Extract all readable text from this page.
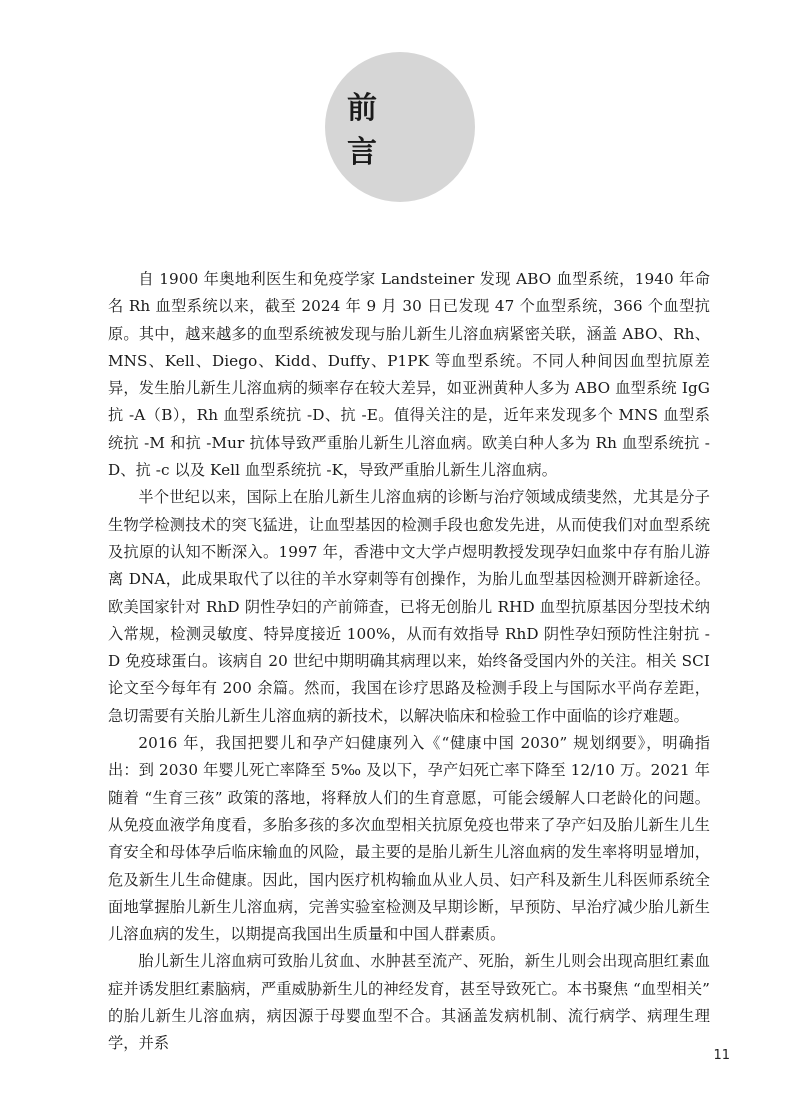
前 言

自 1900 年奥地利医生和免疫学家 Landsteiner 发现 ABO 血型系统，1940 年命名 Rh 血型系统以来，截至 2024 年 9 月 30 日已发现 47 个血型系统，366 个血型抗原。其中，越来越多的血型系统被发现与胎儿新生儿溶血病紧密关联，涵盖 ABO、Rh、MNS、Kell、Diego、Kidd、Duffy、P1PK 等血型系统。不同人种间因血型抗原差异，发生胎儿新生儿溶血病的频率存在较大差异，如亚洲黄种人多为 ABO 血型系统 IgG 抗 -A（B），Rh 血型系统抗 -D、抗 -E。值得关注的是，近年来发现多个 MNS 血型系统抗 -M 和抗 -Mur 抗体导致严重胎儿新生儿溶血病。欧美白种人多为 Rh 血型系统抗 -D、抗 -c 以及 Kell 血型系统抗 -K，导致严重胎儿新生儿溶血病。

半个世纪以来，国际上在胎儿新生儿溶血病的诊断与治疗领域成绩斐然，尤其是分子生物学检测技术的突飞猛进，让血型基因的检测手段也愈发先进，从而使我们对血型系统及抗原的认知不断深入。1997 年，香港中文大学卢煜明教授发现孕妇血浆中存有胎儿游离 DNA，此成果取代了以往的羊水穿刺等有创操作，为胎儿血型基因检测开辟新途径。欧美国家针对 RhD 阴性孕妇的产前筛查，已将无创胎儿 RHD 血型抗原基因分型技术纳入常规，检测灵敏度、特异度接近 100%，从而有效指导 RhD 阴性孕妇预防性注射抗 -D 免疫球蛋白。该病自 20 世纪中期明确其病理以来，始终备受国内外的关注。相关 SCI 论文至今每年有 200 余篇。然而，我国在诊疗思路及检测手段上与国际水平尚存差距，急切需要有关胎儿新生儿溶血病的新技术，以解决临床和检验工作中面临的诊疗难题。

2016 年，我国把婴儿和孕产妇健康列入《“健康中国 2030” 规划纲要》，明确指出：到 2030 年婴儿死亡率降至 5‰ 及以下，孕产妇死亡率下降至 12/10 万。2021 年随着 “生育三孩” 政策的落地，将释放人们的生育意愿，可能会缓解人口老龄化的问题。从免疫血液学角度看，多胎多孩的多次血型相关抗原免疫也带来了孕产妇及胎儿新生儿生育安全和母体孕后临床输血的风险，最主要的是胎儿新生儿溶血病的发生率将明显增加，危及新生儿生命健康。因此，国内医疗机构输血从业人员、妇产科及新生儿科医师系统全面地掌握胎儿新生儿溶血病，完善实验室检测及早期诊断，早预防、早治疗减少胎儿新生儿溶血病的发生，以期提高我国出生质量和中国人群素质。

胎儿新生儿溶血病可致胎儿贫血、水肿甚至流产、死胎，新生儿则会出现高胆红素血症并诱发胆红素脑病，严重威胁新生儿的神经发育，甚至导致死亡。本书聚焦 “血型相关” 的胎儿新生儿溶血病，病因源于母婴血型不合。其涵盖发病机制、流行病学、病理生理学，并系

11
